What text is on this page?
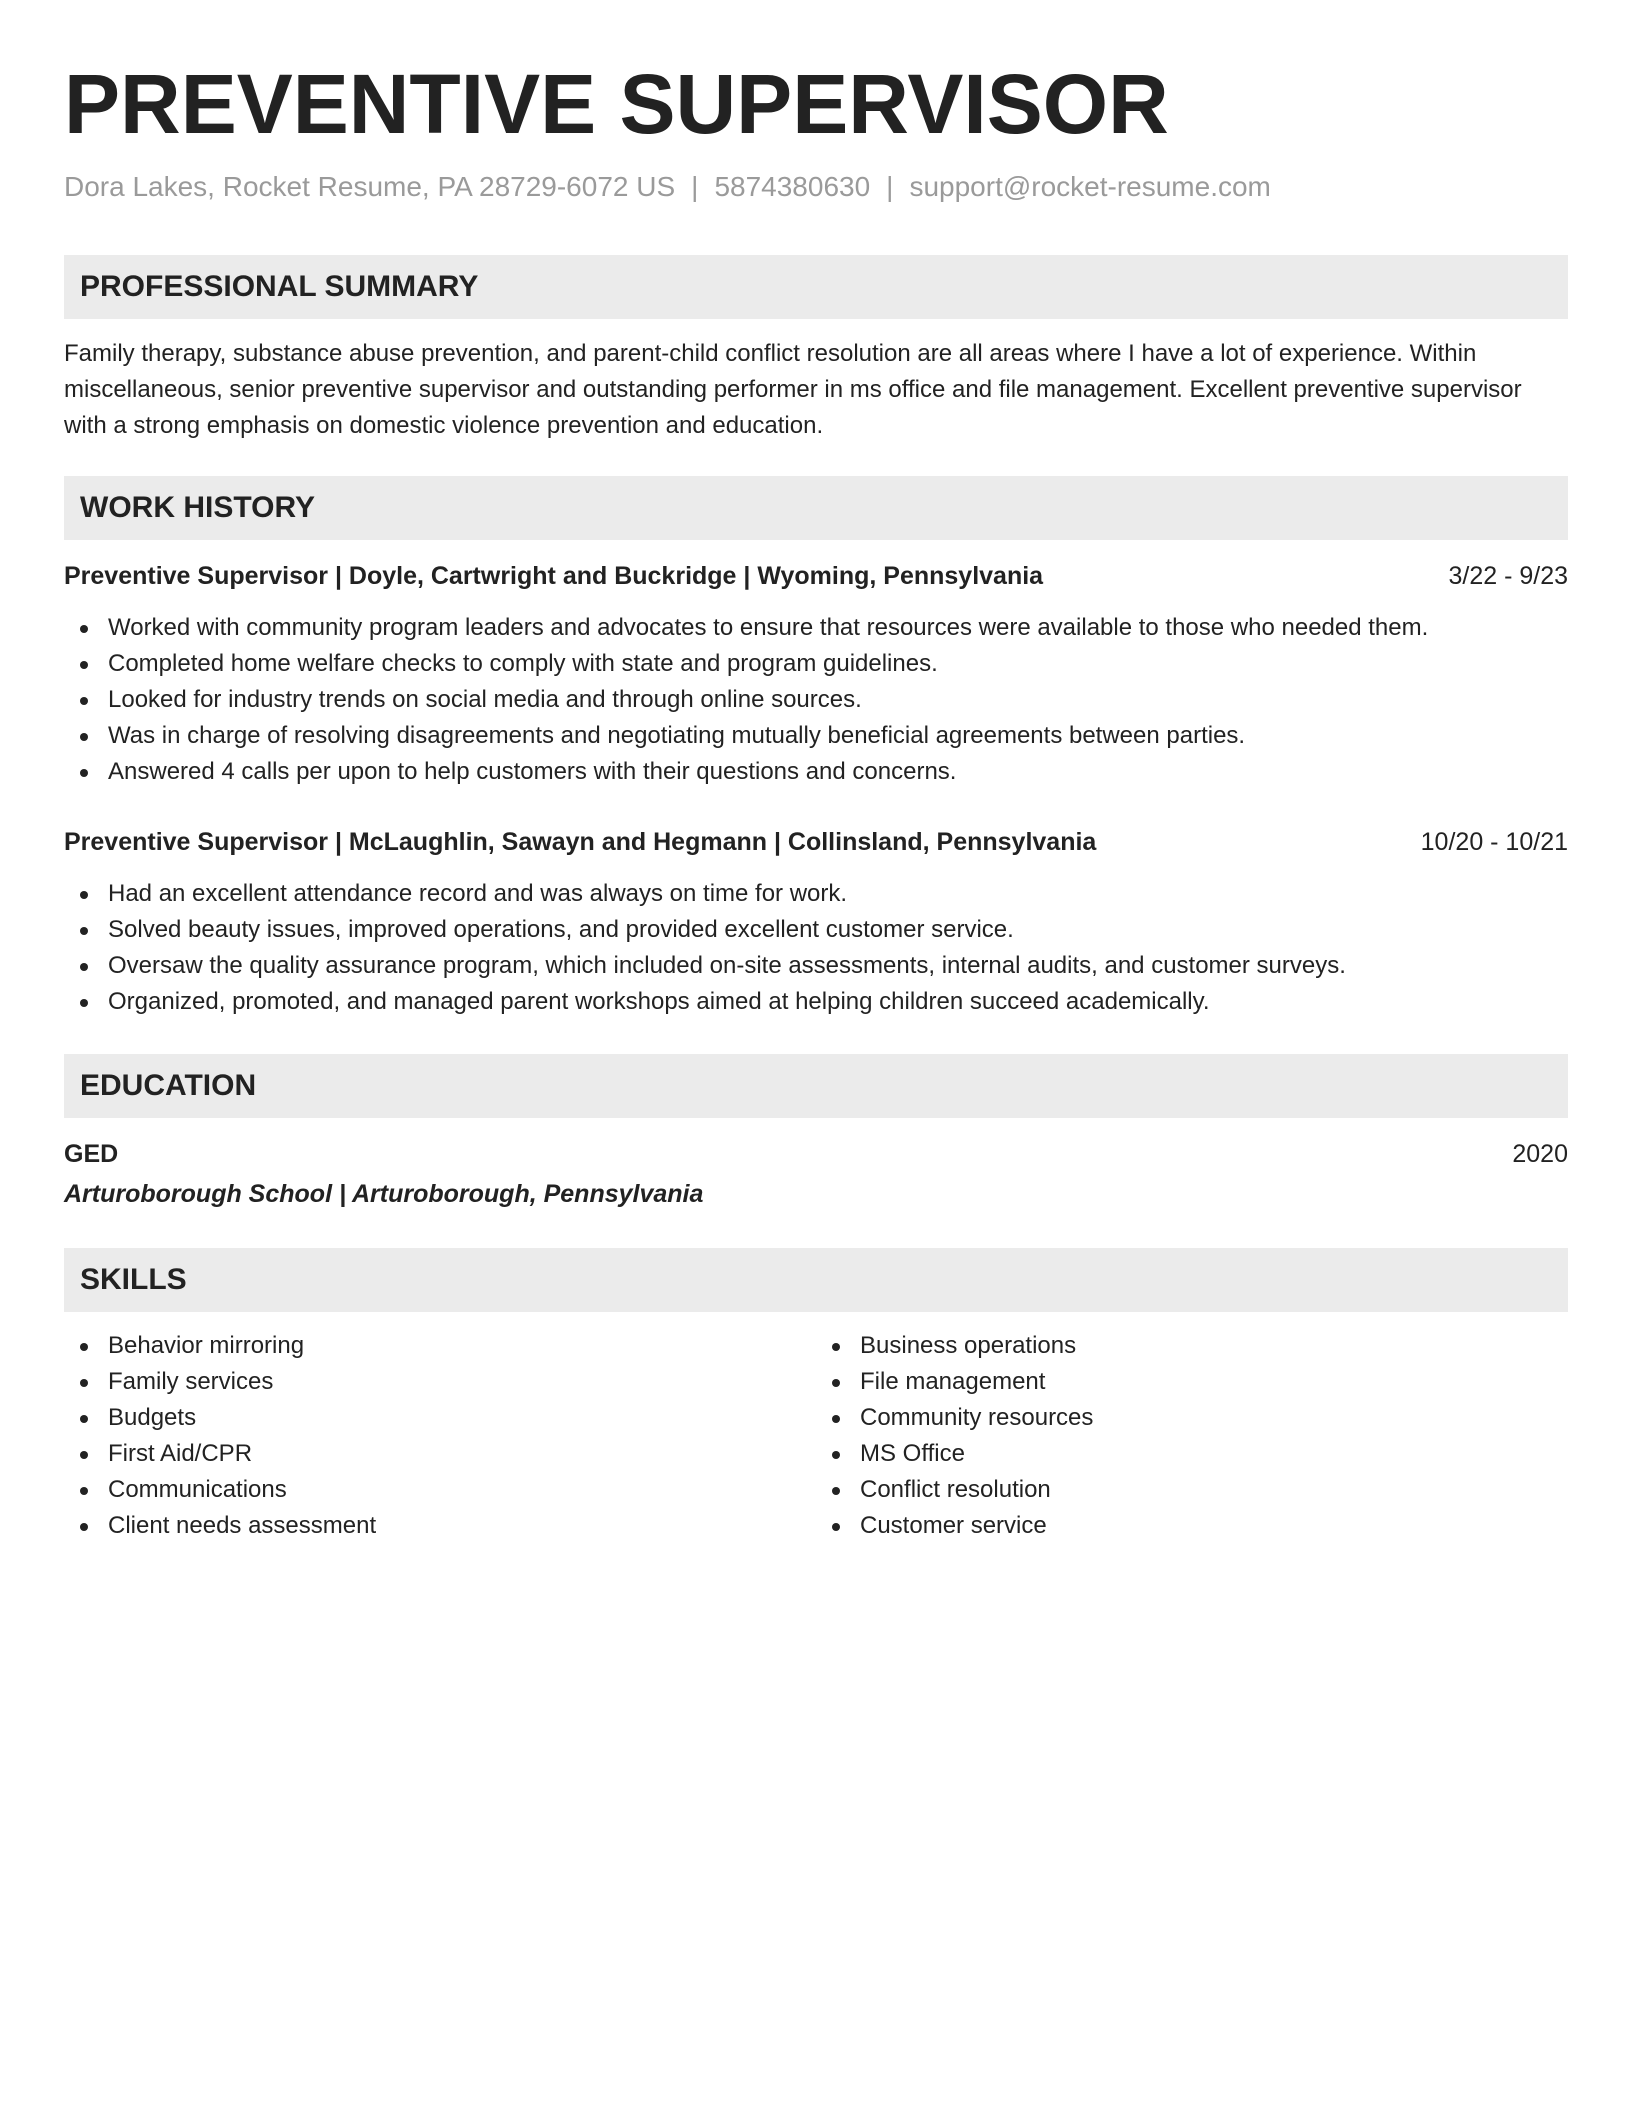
PREVENTIVE SUPERVISOR
Dora Lakes, Rocket Resume, PA 28729-6072 US | 5874380630 | support@rocket-resume.com
PROFESSIONAL SUMMARY
Family therapy, substance abuse prevention, and parent-child conflict resolution are all areas where I have a lot of experience. Within miscellaneous, senior preventive supervisor and outstanding performer in ms office and file management. Excellent preventive supervisor with a strong emphasis on domestic violence prevention and education.
WORK HISTORY
Preventive Supervisor | Doyle, Cartwright and Buckridge | Wyoming, Pennsylvania	3/22 - 9/23
Worked with community program leaders and advocates to ensure that resources were available to those who needed them.
Completed home welfare checks to comply with state and program guidelines.
Looked for industry trends on social media and through online sources.
Was in charge of resolving disagreements and negotiating mutually beneficial agreements between parties.
Answered 4 calls per upon to help customers with their questions and concerns.
Preventive Supervisor | McLaughlin, Sawayn and Hegmann | Collinsland, Pennsylvania	10/20 - 10/21
Had an excellent attendance record and was always on time for work.
Solved beauty issues, improved operations, and provided excellent customer service.
Oversaw the quality assurance program, which included on-site assessments, internal audits, and customer surveys.
Organized, promoted, and managed parent workshops aimed at helping children succeed academically.
EDUCATION
GED	2020
Arturoborough School | Arturoborough, Pennsylvania
SKILLS
Behavior mirroring
Family services
Budgets
First Aid/CPR
Communications
Client needs assessment
Business operations
File management
Community resources
MS Office
Conflict resolution
Customer service
